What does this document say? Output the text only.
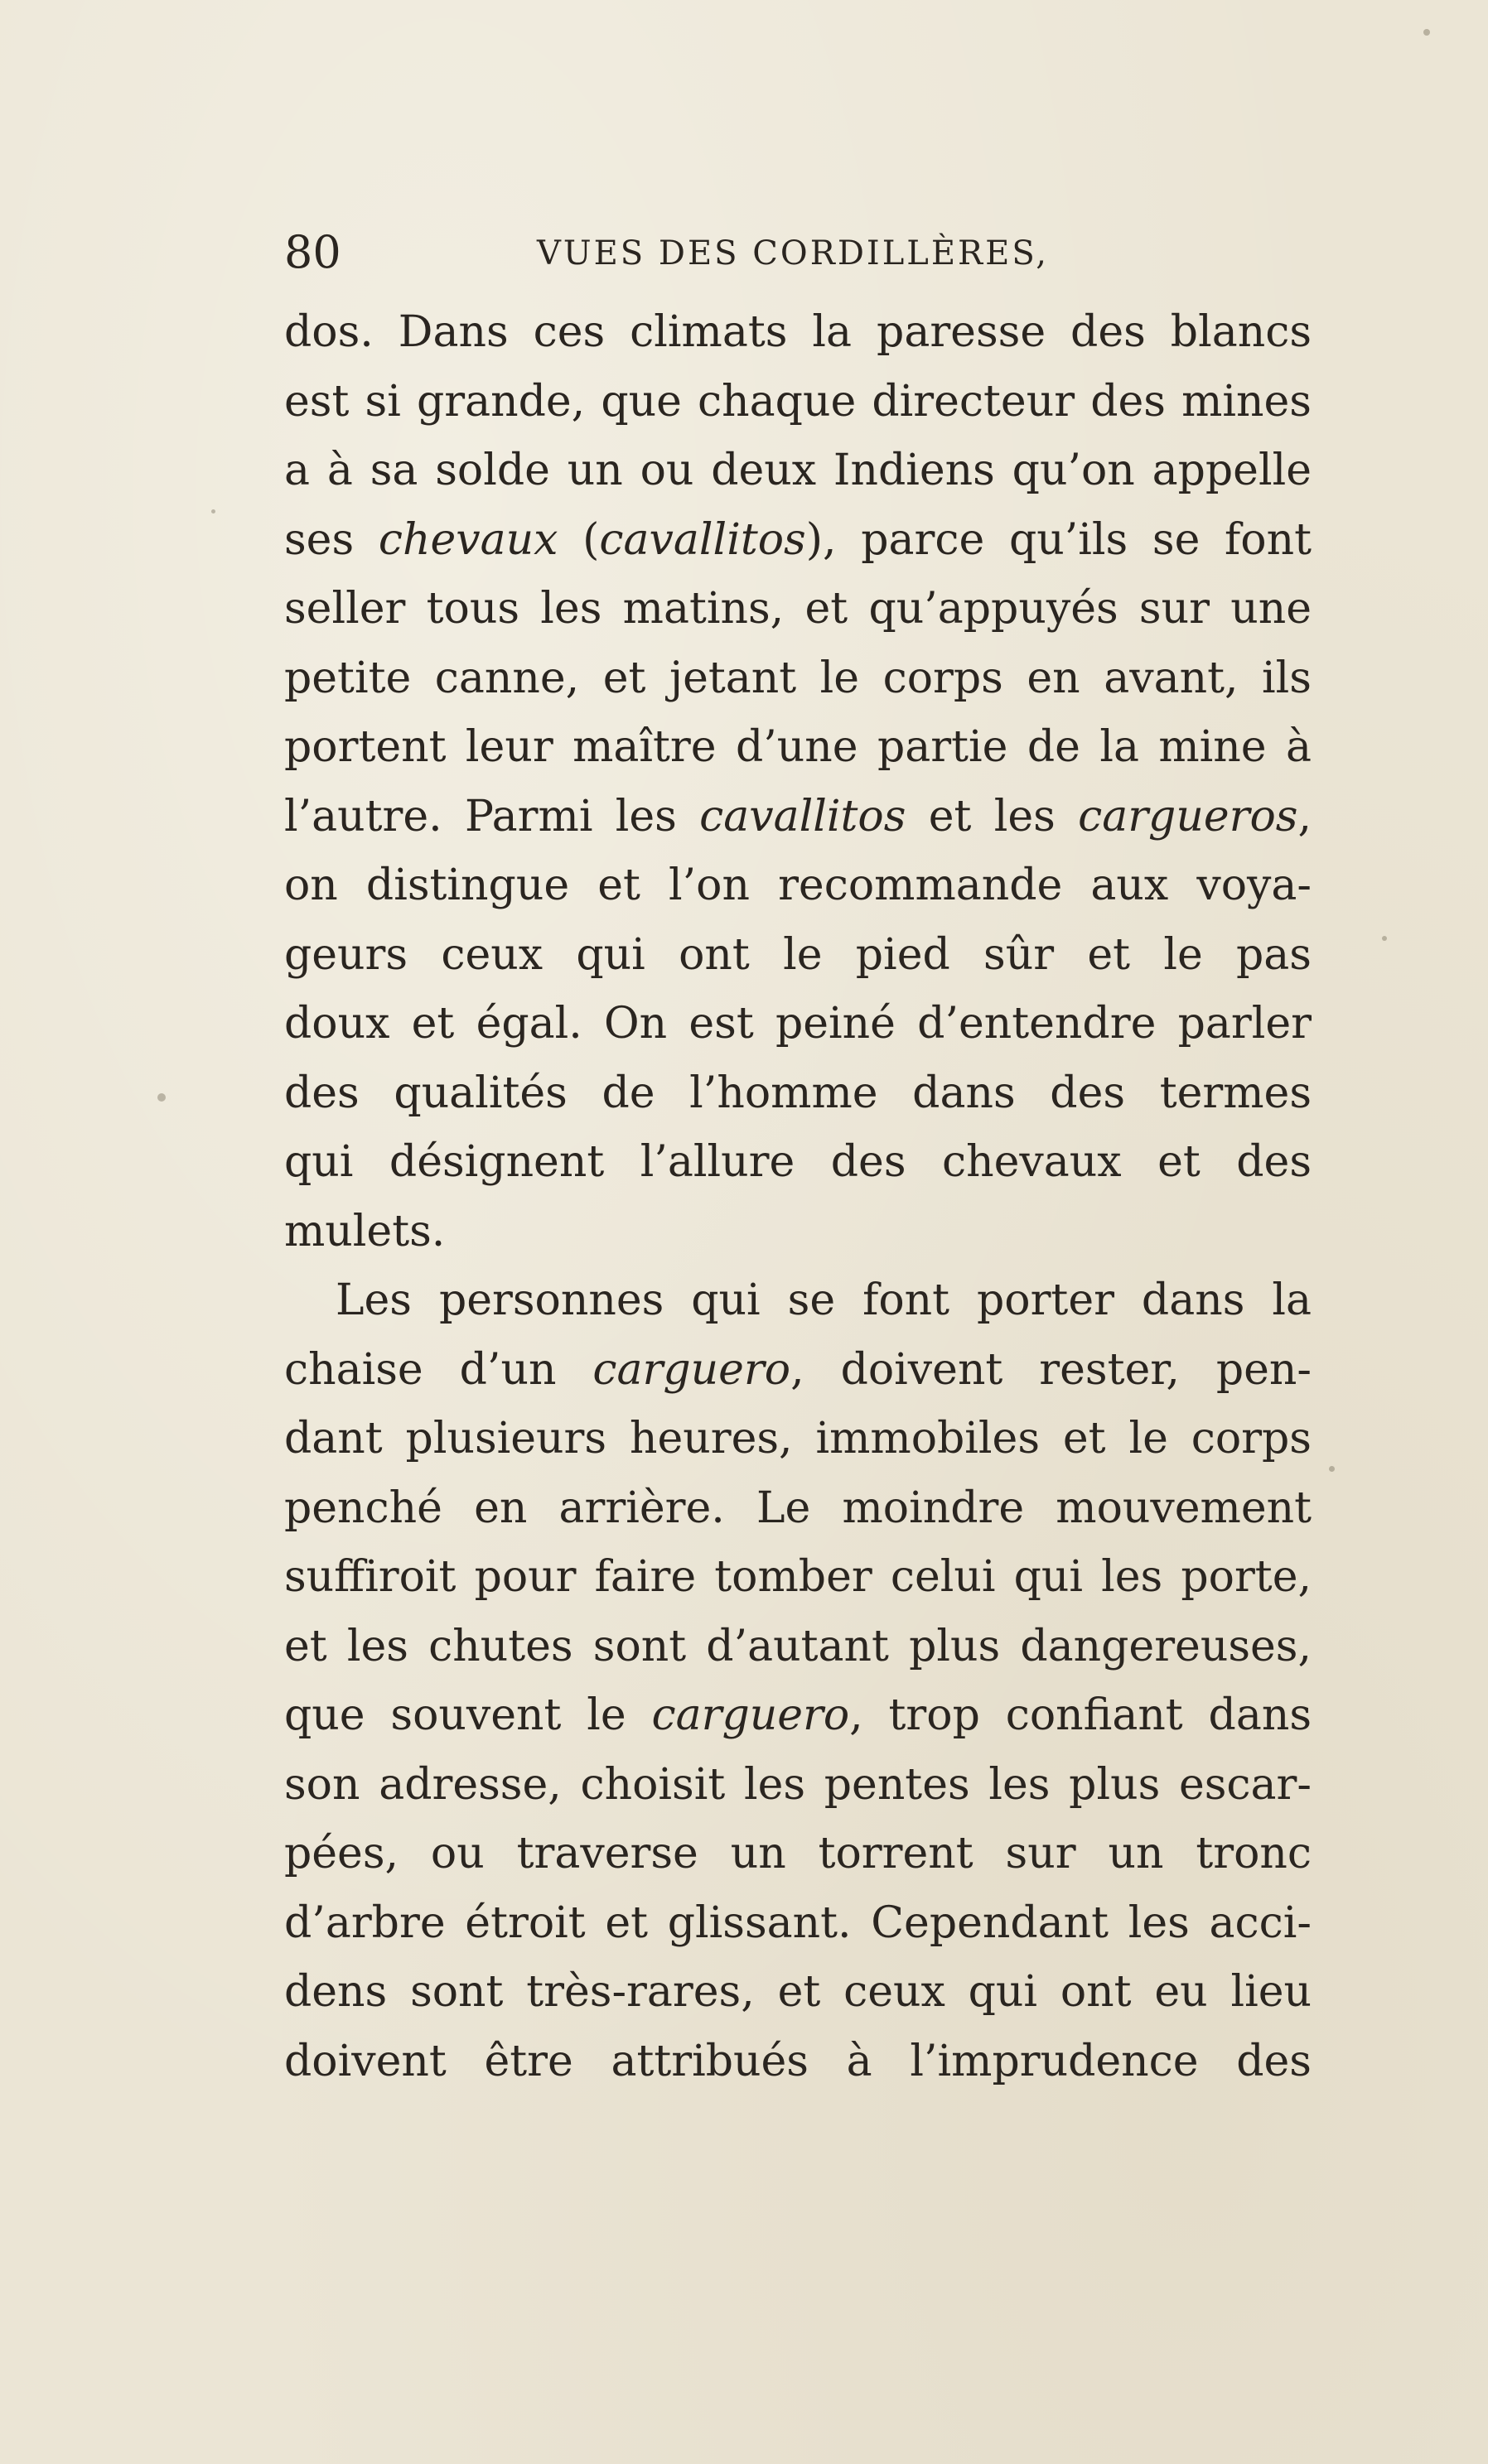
80	VUES DES CORDILLÈRES,
dos. Dans ces climats la paresse des blancs
est si grande, que chaque directeur des mines
a à sa solde un ou deux Indiens qu’on appelle
ses chevaux (cavallitos), parce qu’ils se font
seller tous les matins, et qu’appuyés sur une
petite canne, et jetant le corps en avant, ils
portent leur maître d’une partie de la mine à
l’autre. Parmi les cavallitos et les cargueros,
on distingue et l’on recommande aux voya-
geurs ceux qui ont le pied sûr et le pas
doux et égal. On est peiné d’entendre parler
des qualités de l’homme dans des termes
qui désignent l’allure des chevaux et des
mulets.
Les personnes qui se font porter dans la
chaise d’un carguero, doivent rester, pen-
dant plusieurs heures, immobiles et le corps
penché en arrière. Le moindre mouvement
suffiroit pour faire tomber celui qui les porte,
et les chutes sont d’autant plus dangereuses,
que souvent le carguero, trop confiant dans
son adresse, choisit les pentes les plus escar-
pées, ou traverse un torrent sur un tronc
d’arbre étroit et glissant. Cependant les acci-
dens sont très-rares, et ceux qui ont eu lieu
doivent être attribués à l’imprudence des
